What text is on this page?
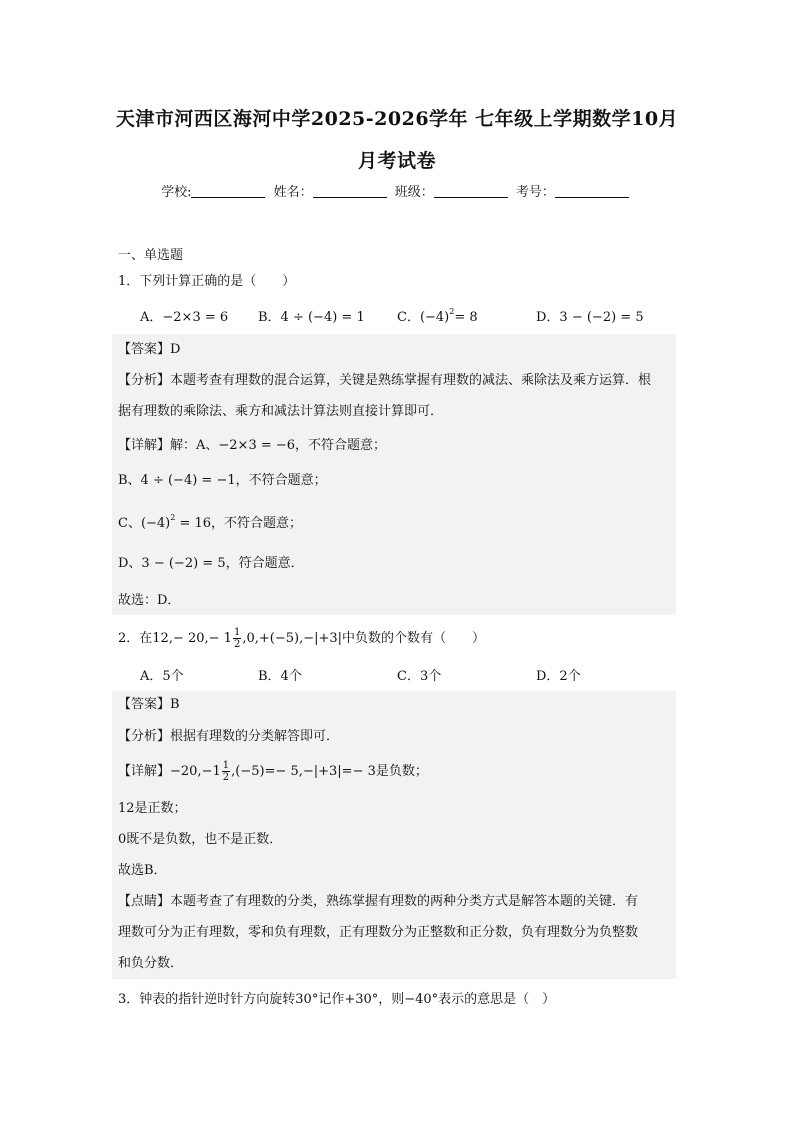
天津市河西区海河中学2025-2026学年 七年级上学期数学10月
月考试卷
学校:	姓名：	班级：	考号：
一、单选题
1．下列计算正确的是（　　）
A．−2×3 = 6 B．4 ÷ (−4) = 1 C．(−4)2= 8	D．3 − (−2) = 5
【答案】D
【分析】本题考查有理数的混合运算，关键是熟练掌握有理数的减法、乘除法及乘方运算．根
据有理数的乘除法、乘方和减法计算法则直接计算即可．
【详解】解：A、−2×3 = −6，不符合题意；
B、4 ÷ (−4) = −1，不符合题意；
C、$(-4)^2 = 16$，不符合题意；
D、3 − (−2) = 5，符合题意．
故选：D．
2．在$12,- 20,- 1 \frac{1}{2} ,0,+(-5),-|+3|$中负数的个数有（　　）
A．5个	B．4个	C．3个	D．2个
【答案】B
【分析】根据有理数的分类解答即可．
【详解】$-20,-1 \frac{1}{2} ,(-5)=- 5,-|+3|=- 3$是负数；
12是正数；
0既不是负数，也不是正数．
故选B．
【点睛】本题考查了有理数的分类，熟练掌握有理数的两种分类方式是解答本题的关键．有
理数可分为正有理数，零和负有理数，正有理数分为正整数和正分数，负有理数分为负整数
和负分数．
3．钟表的指针逆时针方向旋转30°记作+30°，则−40°表示的意思是（　）
